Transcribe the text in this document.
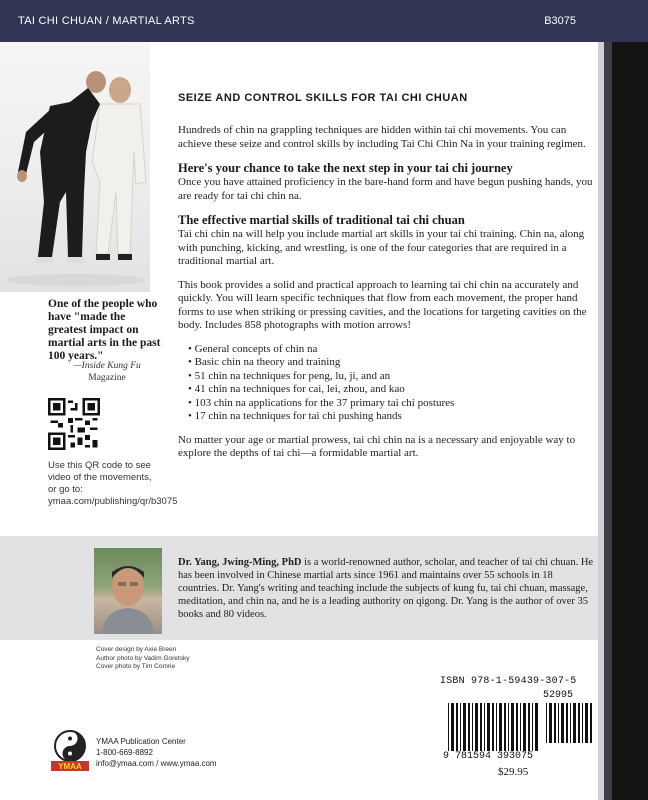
TAI CHI CHUAN / MARTIAL ARTS	B3075
One of the people who have "made the greatest impact on martial arts in the past 100 years."
—Inside Kung Fu
Magazine
Use this QR code to see video of the movements, or go to: ymaa.com/publishing/qr/b3075
SEIZE AND CONTROL SKILLS FOR TAI CHI CHUAN

Hundreds of chin na grappling techniques are hidden within tai chi movements. You can achieve these seize and control skills by including Tai Chi Chin Na in your training regimen.

Here's your chance to take the next step in your tai chi journey

Once you have attained proficiency in the bare-hand form and have begun pushing hands, you are ready for tai chi chin na.

The effective martial skills of traditional tai chi chuan

Tai chi chin na will help you include martial art skills in your tai chi training. Chin na, along with punching, kicking, and wrestling, is one of the four categories that are required in a traditional martial art.

This book provides a solid and practical approach to learning tai chi chin na accurately and quickly. You will learn specific techniques that flow from each movement, the proper hand forms to use when striking or pressing cavities, and the locations for targeting cavities on the body. Includes 858 photographs with motion arrows!

• General concepts of chin na
• Basic chin na theory and training
• 51 chin na techniques for peng, lu, ji, and an
• 41 chin na techniques for cai, lei, zhou, and kao
• 103 chin na applications for the 37 primary tai chi postures
• 17 chin na techniques for tai chi pushing hands

No matter your age or martial prowess, tai chi chin na is a necessary and enjoyable way to explore the depths of tai chi—a formidable martial art.

Dr. Yang, Jwing-Ming, PhD is a world-renowned author, scholar, and teacher of tai chi chuan. He has been involved in Chinese martial arts since 1961 and maintains over 55 schools in 18 countries. Dr. Yang's writing and teaching include the subjects of kung fu, tai chi chuan, massage, meditation, and chin na, and he is a leading authority on qigong. Dr. Yang is the author of over 35 books and 80 videos.
Cover design by Axie Breen
Author photo by Vadim Goretsky
Cover photo by Tim Comrie
YMAA
YMAA Publication Center
1-800-669-8892
info@ymaa.com / www.ymaa.com
ISBN 978-1-59439-307-5
52995
9 781594 393075
$29.95
